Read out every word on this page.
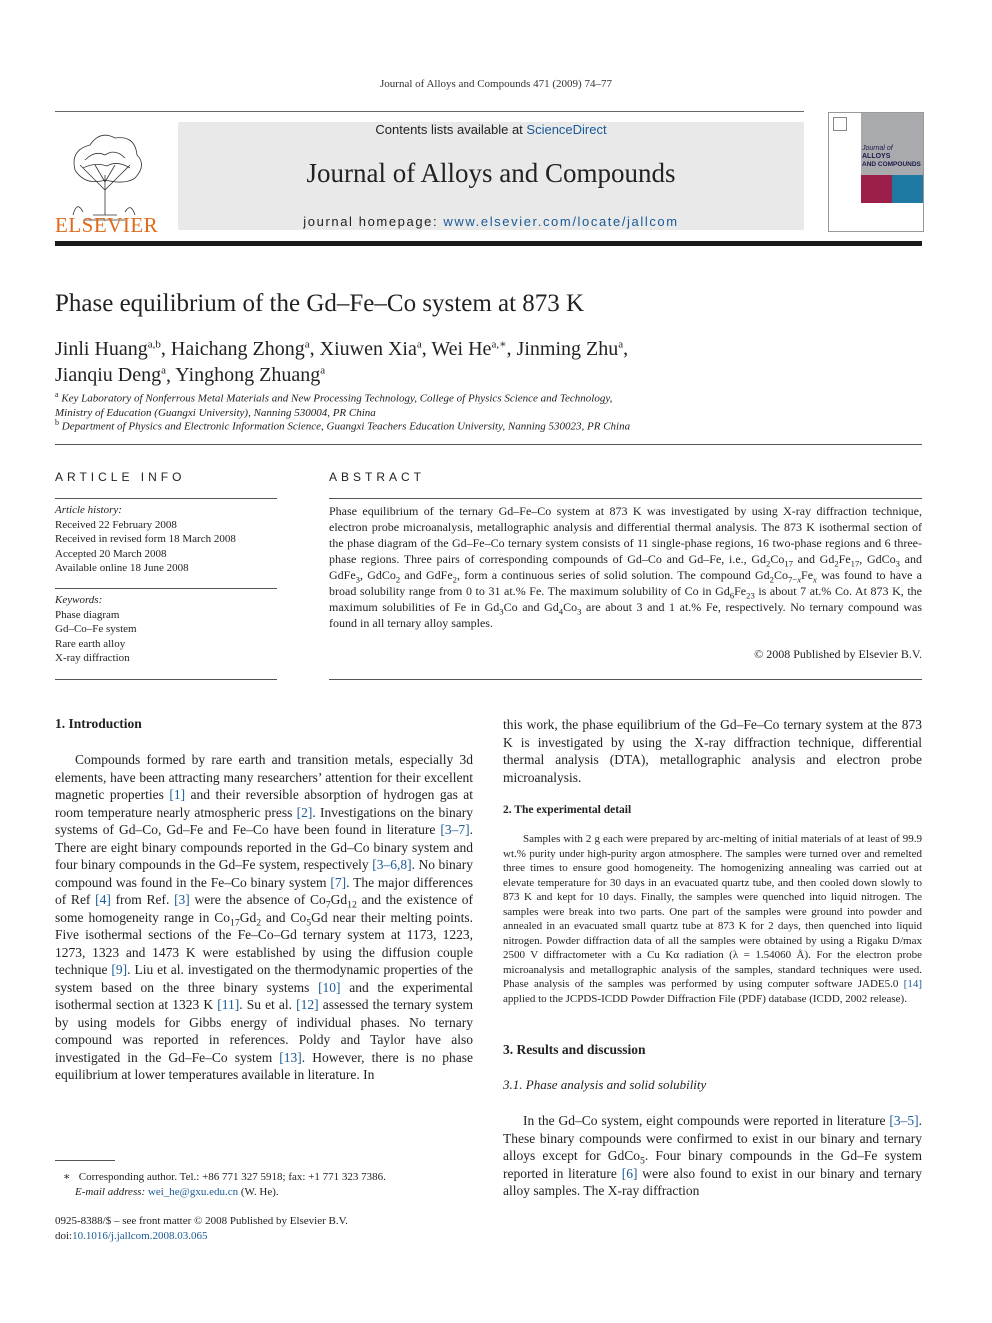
Journal of Alloys and Compounds 471 (2009) 74–77
ELSEVIER
Contents lists available at ScienceDirect
Journal of Alloys and Compounds
journal homepage: www.elsevier.com/locate/jallcom
Journal of
ALLOYS
AND COMPOUNDS
Phase equilibrium of the Gd–Fe–Co system at 873 K
Jinli Huang$^{a,b}$, Haichang Zhong$^a$, Xiuwen Xia$^a$, Wei $He^{a,∗}$, Jinming Zhu$^a$,
Jianqiu Deng$^a$, Yinghong Zhuang$^a$
$^a$ Key Laboratory of Nonferrous Metal Materials and New Processing Technology, College of Physics Science and Technology,
Ministry of Education (Guangxi University), Nanning 530004, PR China
$^b$ Department of Physics and Electronic Information Science, Guangxi Teachers Education University, Nanning 530023, PR China
ARTICLE INFO
Article history:
Received 22 February 2008
Received in revised form 18 March 2008
Accepted 20 March 2008
Available online 18 June 2008
Keywords:
Phase diagram
Gd–Co–Fe system
Rare earth alloy
X-ray diffraction
ABSTRACT
Phase equilibrium of the ternary Gd–Fe–Co system at 873 K was investigated by using X-ray diffraction technique, electron probe microanalysis, metallographic analysis and differential thermal analysis. The 873 K isothermal section of the phase diagram of the Gd–Fe–Co ternary system consists of 11 single-phase regions, 16 two-phase regions and 6 three-phase regions. Three pairs of corresponding compounds of Gd–Co and Gd–Fe, i.e., $Gd_2Co_{17}$ and $Gd_2Fe_{17}$, GdCo$_3$ and GdFe$_3$, GdCo$_2$ and GdFe$_2$, form a continuous series of solid solution. The compound $Gd_2Co_{7-x}Fe_x$ was found to have a broad solubility range from 0 to 31 at.% Fe. The maximum solubility of Co in $Gd_6Fe_{23}$ is about 7 at.% Co. At 873 K, the maximum solubilities of Fe in $Gd_3Co$ and $Gd_4Co_3$ are about 3 and 1 at.% Fe, respectively. No ternary compound was found in all ternary alloy samples.
© 2008 Published by Elsevier B.V.
1. Introduction
Compounds formed by rare earth and transition metals, especially 3d elements, have been attracting many researchers’ attention for their excellent magnetic properties [1] and their reversible absorption of hydrogen gas at room temperature nearly atmospheric press [2]. Investigations on the binary systems of Gd–Co, Gd–Fe and Fe–Co have been found in literature [3–7]. There are eight binary compounds reported in the Gd–Co binary system and four binary compounds in the Gd–Fe system, respectively [3–6,8]. No binary compound was found in the Fe–Co binary system [7]. The major differences of Ref [4] from Ref. [3] were the absence of $Co_7Gd_{12}$ and the existence of some homogeneity range in $Co_{17}Gd_2$ and $Co_5Gd$ near their melting points. Five isothermal sections of the Fe–Co–Gd ternary system at 1173, 1223, 1273, 1323 and 1473 K were established by using the diffusion couple technique [9]. Liu et al. investigated on the thermodynamic properties of the system based on the three binary systems [10] and the experimental isothermal section at 1323 K [11]. Su et al. [12] assessed the ternary system by using models for Gibbs energy of individual phases. No ternary compound was reported in references. Poldy and Taylor have also investigated in the Gd–Fe–Co system [13]. However, there is no phase equilibrium at lower temperatures available in literature. In
∗ Corresponding author. Tel.: +86 771 327 5918; fax: +1 771 323 7386.
E-mail address: wei_he@gxu.edu.cn (W. He).
0925-8388/$ – see front matter © 2008 Published by Elsevier B.V.
doi:10.1016/j.jallcom.2008.03.065
this work, the phase equilibrium of the Gd–Fe–Co ternary system at the 873 K is investigated by using the X-ray diffraction technique, differential thermal analysis (DTA), metallographic analysis and electron probe microanalysis.
2. The experimental detail
Samples with 2 g each were prepared by arc-melting of initial materials of at least of 99.9 wt.% purity under high-purity argon atmosphere. The samples were turned over and remelted three times to ensure good homogeneity. The homogenizing annealing was carried out at elevate temperature for 30 days in an evacuated quartz tube, and then cooled down slowly to 873 K and kept for 10 days. Finally, the samples were quenched into liquid nitrogen. The samples were break into two parts. One part of the samples were ground into powder and annealed in an evacuated small quartz tube at 873 K for 2 days, then quenched into liquid nitrogen. Powder diffraction data of all the samples were obtained by using a Rigaku D/max 2500 V diffractometer with a Cu Kα radiation (λ = 1.54060 Å). For the electron probe microanalysis and metallographic analysis of the samples, standard techniques were used. Phase analysis of the samples was performed by using computer software JADE5.0 [14] applied to the JCPDS-ICDD Powder Diffraction File (PDF) database (ICDD, 2002 release).
3. Results and discussion
3.1. Phase analysis and solid solubility
In the Gd–Co system, eight compounds were reported in literature [3–5]. These binary compounds were confirmed to exist in our binary and ternary alloys except for GdCo$_5$. Four binary compounds in the Gd–Fe system reported in literature [6] were also found to exist in our binary and ternary alloy samples. The X-ray diffraction
